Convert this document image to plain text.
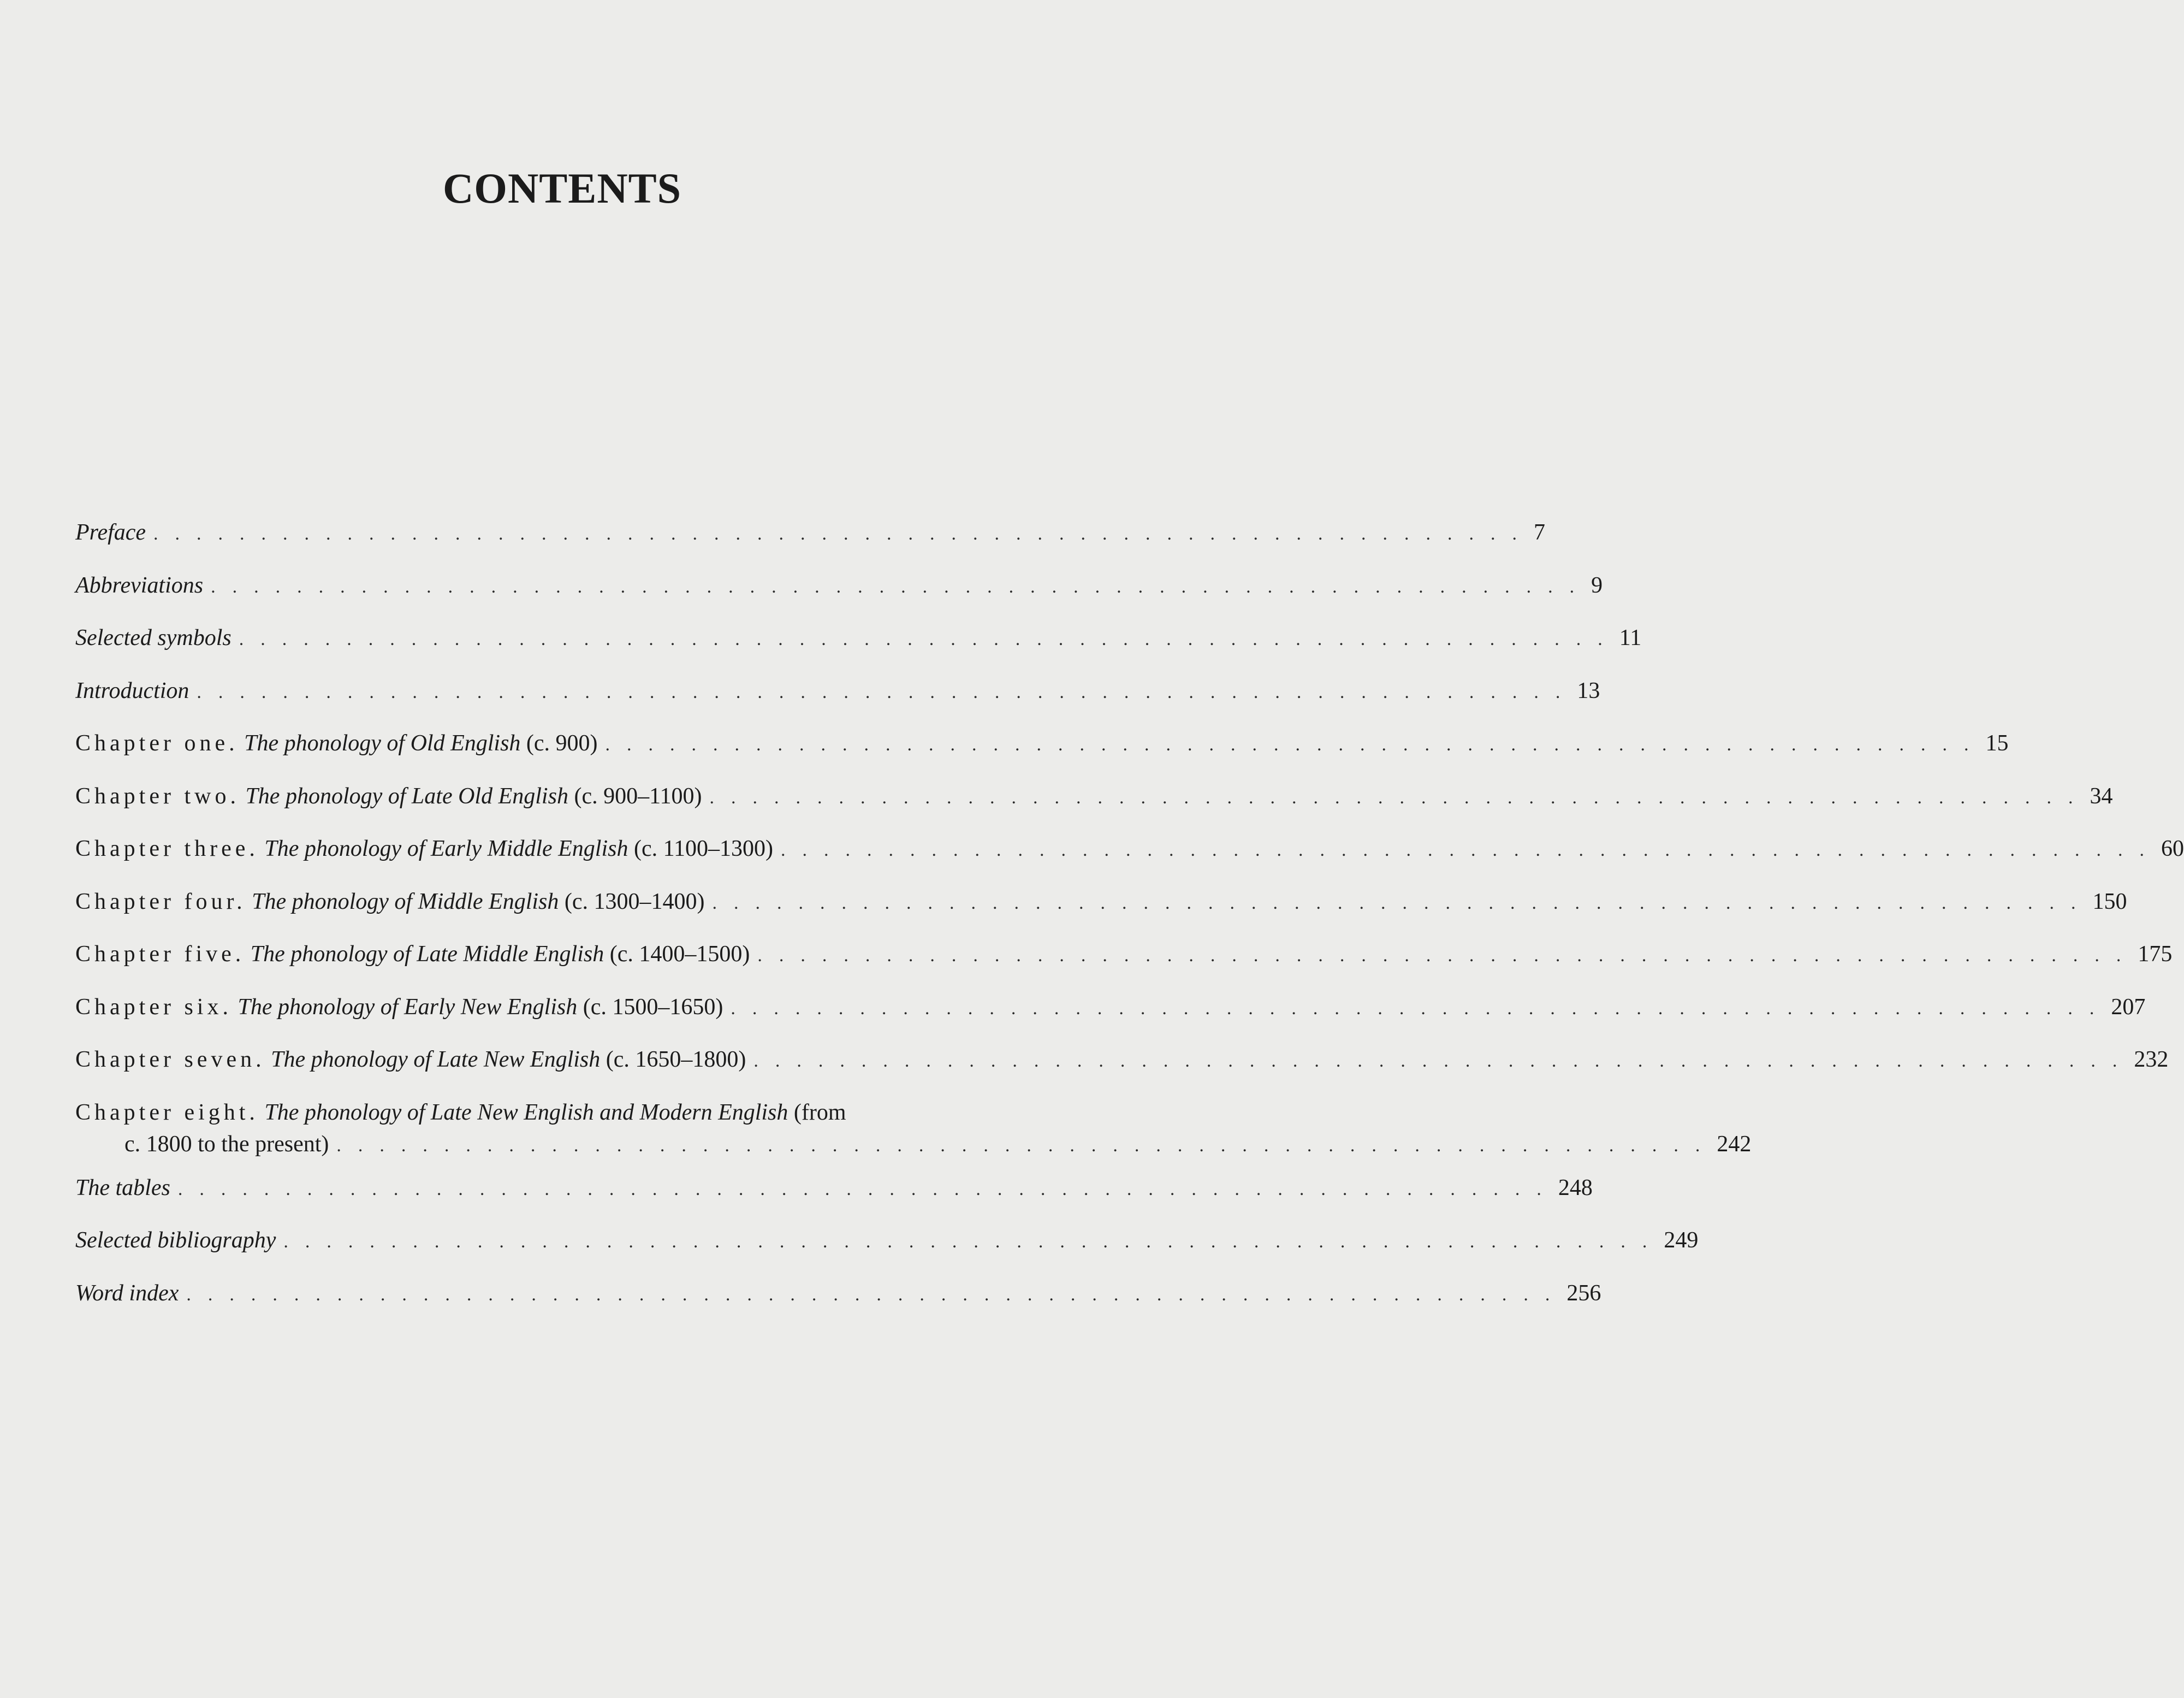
CONTENTS
Preface ................................................................ 7
Abbreviations ................................................................ 9
Selected symbols ................................................................ 11
Introduction ................................................................ 13
Chapter one. The phonology of Old English (c. 900) ................................................................ 15
Chapter two. The phonology of Late Old English (c. 900–1100) ................................................................ 34
Chapter three. The phonology of Early Middle English (c. 1100–1300) ................................................................ 60
Chapter four. The phonology of Middle English (c. 1300–1400) ................................................................ 150
Chapter five. The phonology of Late Middle English (c. 1400–1500) ................................................................ 175
Chapter six. The phonology of Early New English (c. 1500–1650) ................................................................ 207
Chapter seven. The phonology of Late New English (c. 1650–1800) ................................................................ 232
Chapter eight. The phonology of Late New English and Modern English (from
c. 1800 to the present) ................................................................ 242
The tables ................................................................ 248
Selected bibliography ................................................................ 249
Word index ................................................................ 256
